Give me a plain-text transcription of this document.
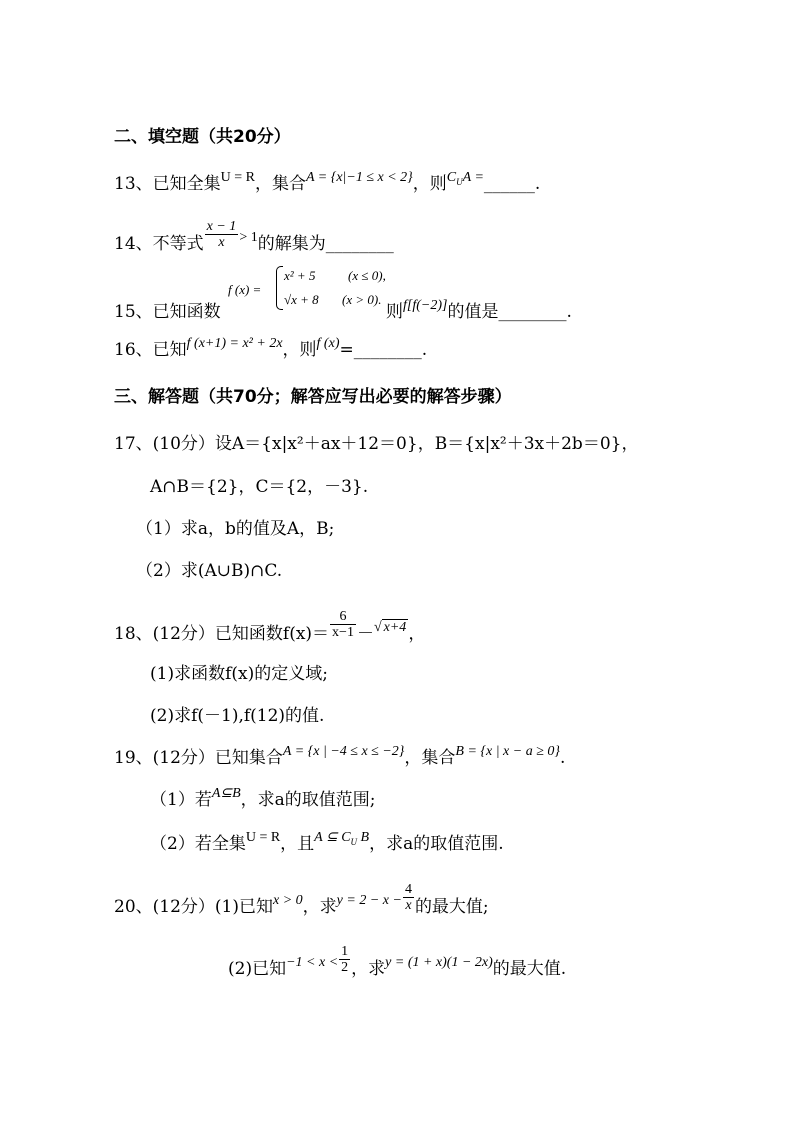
二、填空题（共20分）
13、已知全集U = R，集合A = {x|−1 ≤ x < 2}，则$C_UA$ =______.
14、不等式 $\frac{x - 1}{x} > 1$的解集为________
15、已知函数
f (x) =
x² + 5	(x ≤ 0),
√x + 8 (x > 0).
则f[f(−2)]的值是________.
16、已知f (x+1) = x² + 2x，则f (x)=________.
三、解答题（共70分；解答应写出必要的解答步骤）
17、(10分）设A＝{x|x²＋ax＋12＝0}，B＝{x|x²＋3x＋2b＝0}，
A∩B＝{2}，C＝{2，－3}.
（1）求a，b的值及A，B;
（2）求(A∪B)∩C.
18、(12分）已知函数$f(x)= \frac{6}{x-1}$ －√ x+4 ，
(1)求函数f(x)的定义域;
(2)求f(－1),f(12)的值.
19、(12分）已知集合A = {x | −4 ≤ x ≤ −2}，集合B = {x | x − a ≥ 0}.
（1）若A⊆B，求a的取值范围;
（2）若全集U = R，且A ⊆ $C_U$ B，求a的取值范围.
20、(12分）(1)已知x > 0，求$y = 2 - x - \frac{4}{x}$ 的最大值;
(2)已知$-1 < x < \frac{1}{2}$ ，求y = (1 + x)(1 − 2x)的最大值.
